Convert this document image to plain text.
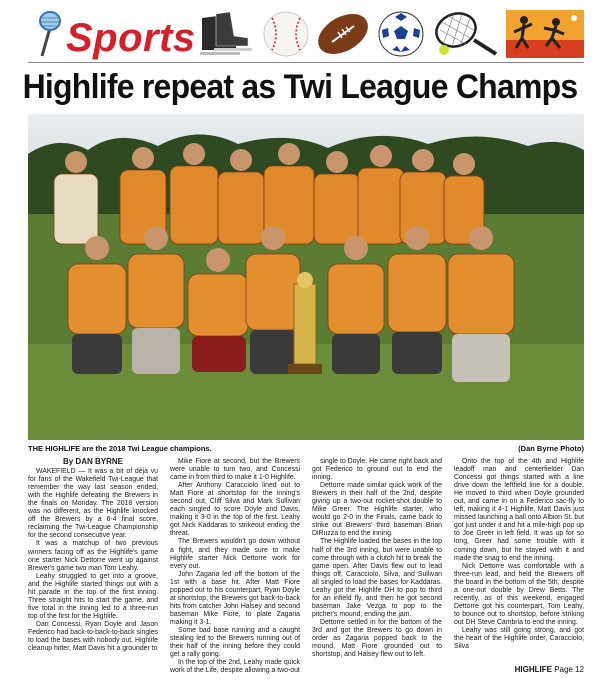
Sports
Highlife repeat as Twi League Champs
THE HIGHLIFE are the 2018 Twi League champions.	(Dan Byrne Photo)
By DAN BYRNE

WAKEFIELD — It was a bit of déjà vu for fans of the Wakefield Twi-League that remember the way last season ended, with the Highlife defeating the Brewers in the finals on Monday. The 2018 version was no different, as the Highlife knocked off the Brewers by a 6-4 final score, reclaiming the Twi-League Championship for the second consecutive year.

It was a matchup of two previous winners facing off as the Highlife's game one starter Nick Dettorre went up against Brewer's game two man Tom Leahy.

Leahy struggled to get into a groove, and the Highlife started things out with a hit parade in the top of the first inning. Three straight hits to start the game, and five total in the inning led to a three-run top of the first for the Highlife.

Dan Concessi, Ryan Doyle and Jason Federico had back-to-back-to-back singles to load the bases with nobody out. Highlife cleanup hitter, Matt Davis hit a grounder to

Mike Fiore at second, but the Brewers were unable to turn two, and Concessi came in from third to make it 1-0 Highlife.

After Anthony Caracciolo lined out to Matt Fiore at shortstop for the inning's second out, Cliff Silva and Mark Sullivan each singled to score Doyle and Davis, making it 3-0 in the top of the first. Leahy got Nick Kaddaras to strikeout ending the threat.

The Brewers wouldn't go down without a fight, and they made sure to make Highlife starter Nick Dettorre work for every out.

John Zagaria led off the bottom of the 1st with a base hit. After Matt Fiore popped out to his counterpart, Ryan Doyle at shortstop, the Brewers got back-to-back hits from catcher John Halsey and second baseman Mike Fiore, to plate Zagaria making it 3-1.

Some bad base running and a caught stealing led to the Brewers running out of their half of the inning before they could get a rally going.

In the top of the 2nd, Leahy made quick work of the Life, despite allowing a two-out

single to Doyle. He came right back and got Federico to ground out to end the inning.

Dettorre made similar quick work of the Brewers in their half of the 2nd, despite giving up a two-out rocket-shot double to Mike Greer. The Highlife starter, who would go 2-0 in the Finals, came back to strike out Brewers' third baseman Brian DiRuzza to end the inning.

The Highlife loaded the bases in the top half of the 3rd inning, but were unable to come through with a clutch hit to break the game open. After Davis flew out to lead things off, Caracciolo, Silva, and Sullivan all singled to load the bases for Kaddaras. Leahy got the Highlife DH to pop to third for an infield fly, and then he got second baseman Jake Vezga to pop to the pitcher's mound, ending the jam.

Dettorre settled in for the bottom of the 3rd and got the Brewers to go down in order as Zagaria popped back to the mound, Matt Fiore grounded out to shortstop, and Halsey flew out to left.

Onto the top of the 4th and Highlife leadoff man and centerfielder Dan Concessi got things started with a line drive down the leftfield line for a double. He moved to third when Doyle grounded out, and came in on a Federico sac-fly to left, making it 4-1 Highlife. Matt Davis just missed launching a ball onto Albion St. but got just under it and hit a mile-high pop up to Joe Greer in left field. It was up for so long, Greer had some trouble with it coming down, but he stayed with it and made the snag to end the inning.

Nick Dettorre was comfortable with a three-run lead, and held the Brewers off the board in the bottom of the 5th, despite a one-out double by Drew Betts. The recently, as of this weekend, engaged Dettorre got his counterpart, Tom Leahy, to bounce out to shortstop, before striking out DH Steve Cambria to end the inning.

Leahy was still going strong, and got the heart of the Highlife order, Caracciolo, Silva

HIGHLIFE Page 12
